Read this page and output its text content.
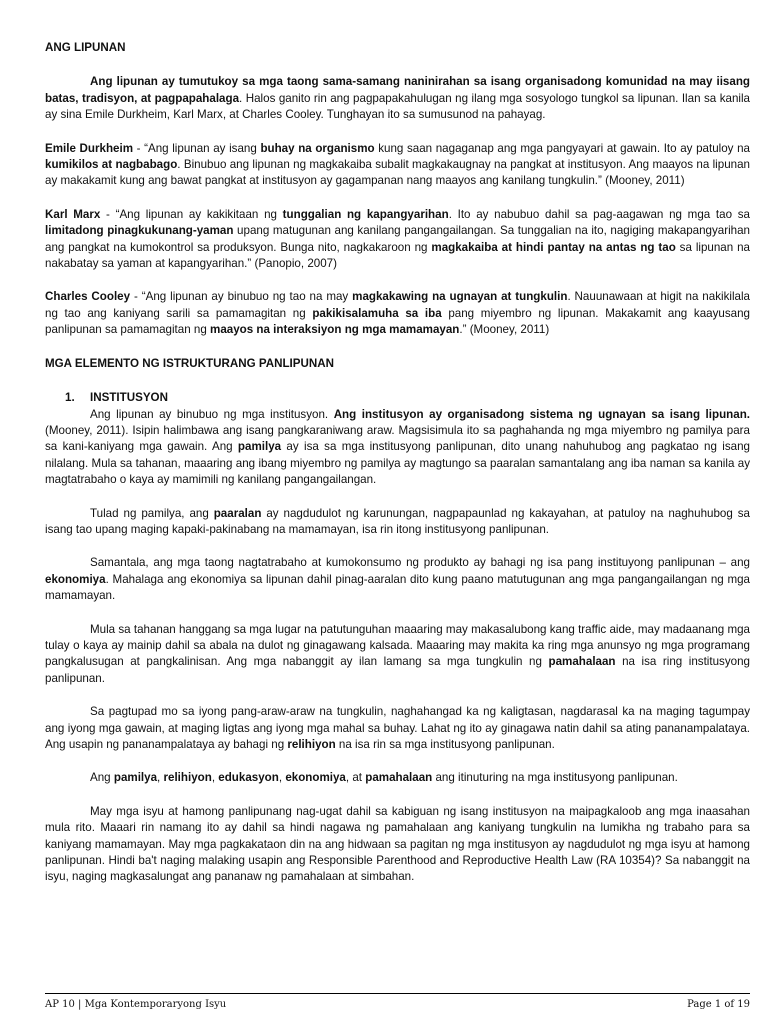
ANG LIPUNAN

Ang lipunan ay tumutukoy sa mga taong sama-samang naninirahan sa isang organisadong komunidad na may iisang batas, tradisyon, at pagpapahalaga. Halos ganito rin ang pagpapakahulugan ng ilang mga sosyologo tungkol sa lipunan. Ilan sa kanila ay sina Emile Durkheim, Karl Marx, at Charles Cooley. Tunghayan ito sa sumusunod na pahayag.

Emile Durkheim - “Ang lipunan ay isang buhay na organismo kung saan nagaganap ang mga pangyayari at gawain. Ito ay patuloy na kumikilos at nagbabago. Binubuo ang lipunan ng magkakaiba subalit magkakaugnay na pangkat at institusyon. Ang maayos na lipunan ay makakamit kung ang bawat pangkat at institusyon ay gagampanan nang maayos ang kanilang tungkulin.” (Mooney, 2011)

Karl Marx - “Ang lipunan ay kakikitaan ng tunggalian ng kapangyarihan. Ito ay nabubuo dahil sa pag-aagawan ng mga tao sa limitadong pinagkukunang-yaman upang matugunan ang kanilang pangangailangan. Sa tunggalian na ito, nagiging makapangyarihan ang pangkat na kumokontrol sa produksyon. Bunga nito, nagkakaroon ng magkakaiba at hindi pantay na antas ng tao sa lipunan na nakabatay sa yaman at kapangyarihan.” (Panopio, 2007)

Charles Cooley - “Ang lipunan ay binubuo ng tao na may magkakawing na ugnayan at tungkulin. Nauunawaan at higit na nakikilala ng tao ang kaniyang sarili sa pamamagitan ng pakikisalamuha sa iba pang miyembro ng lipunan. Makakamit ang kaayusang panlipunan sa pamamagitan ng maayos na interaksiyon ng mga mamamayan.” (Mooney, 2011)

MGA ELEMENTO NG ISTRUKTURANG PANLIPUNAN

1. INSTITUSYON

Ang lipunan ay binubuo ng mga institusyon. Ang institusyon ay organisadong sistema ng ugnayan sa isang lipunan. (Mooney, 2011). Isipin halimbawa ang isang pangkaraniwang araw. Magsisimula ito sa paghahanda ng mga miyembro ng pamilya para sa kani-kaniyang mga gawain. Ang pamilya ay isa sa mga institusyong panlipunan, dito unang nahuhubog ang pagkatao ng isang nilalang. Mula sa tahanan, maaaring ang ibang miyembro ng pamilya ay magtungo sa paaralan samantalang ang iba naman sa kanila ay magtatrabaho o kaya ay mamimili ng kanilang pangangailangan.

Tulad ng pamilya, ang paaralan ay nagdudulot ng karunungan, nagpapaunlad ng kakayahan, at patuloy na naghuhubog sa isang tao upang maging kapaki-pakinabang na mamamayan, isa rin itong institusyong panlipunan.

Samantala, ang mga taong nagtatrabaho at kumokonsumo ng produkto ay bahagi ng isa pang instituyong panlipunan – ang ekonomiya. Mahalaga ang ekonomiya sa lipunan dahil pinag-aaralan dito kung paano matutugunan ang mga pangangailangan ng mga mamamayan.

Mula sa tahanan hanggang sa mga lugar na patutunguhan maaaring may makasalubong kang traffic aide, may madaanang mga tulay o kaya ay mainip dahil sa abala na dulot ng ginagawang kalsada. Maaaring may makita ka ring mga anunsyo ng mga programang pangkalusugan at pangkalinisan. Ang mga nabanggit ay ilan lamang sa mga tungkulin ng pamahalaan na isa ring institusyong panlipunan.

Sa pagtupad mo sa iyong pang-araw-araw na tungkulin, naghahangad ka ng kaligtasan, nagdarasal ka na maging tagumpay ang iyong mga gawain, at maging ligtas ang iyong mga mahal sa buhay. Lahat ng ito ay ginagawa natin dahil sa ating pananampalataya. Ang usapin ng pananampalataya ay bahagi ng relihiyon na isa rin sa mga institusyong panlipunan.

Ang pamilya, relihiyon, edukasyon, ekonomiya, at pamahalaan ang itinuturing na mga institusyong panlipunan.

May mga isyu at hamong panlipunang nag-ugat dahil sa kabiguan ng isang institusyon na maipagkaloob ang mga inaasahan mula rito. Maaari rin namang ito ay dahil sa hindi nagawa ng pamahalaan ang kaniyang tungkulin na lumikha ng trabaho para sa kaniyang mamamayan. May mga pagkakataon din na ang hidwaan sa pagitan ng mga institusyon ay nagdudulot ng mga isyu at hamong panlipunan. Hindi ba't naging malaking usapin ang Responsible Parenthood and Reproductive Health Law (RA 10354)? Sa nabanggit na isyu, naging magkasalungat ang pananaw ng pamahalaan at simbahan.

AP 10 | Mga Kontemporaryong Isyu	Page 1 of 19
